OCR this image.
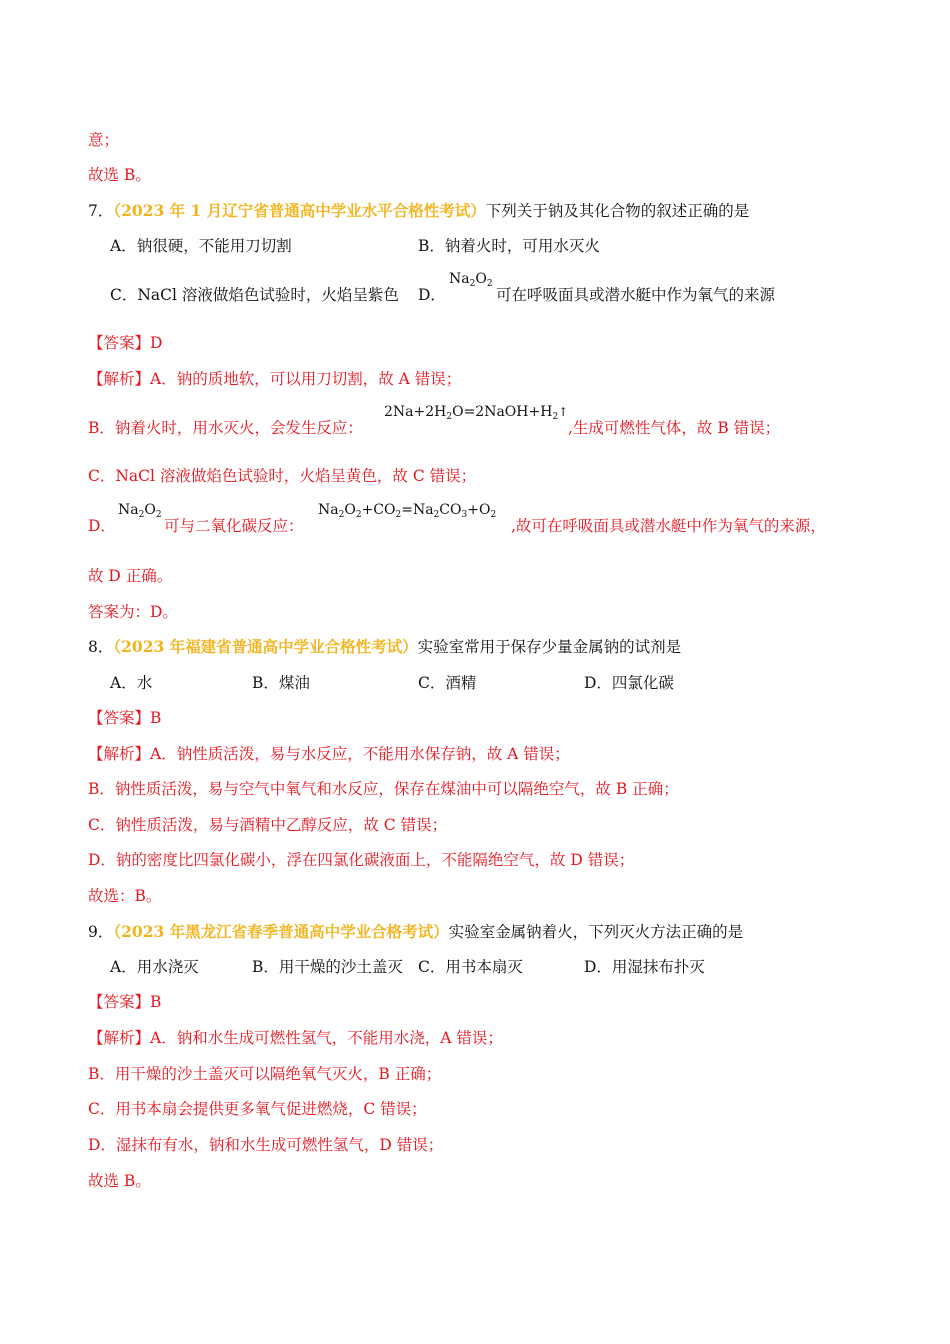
意；
故选 B。
7．（2023 年 1 月辽宁省普通高中学业水平合格性考试）下列关于钠及其化合物的叙述正确的是
A．钠很硬，不能用刀切割	B．钠着火时，可用水灭火
C．NaCl 溶液做焰色试验时，火焰呈紫色 D．
$Na_2O_2$
可在呼吸面具或潜水艇中作为氧气的来源
【答案】D
【解析】A．钠的质地软，可以用刀切割，故 A 错误；
B．钠着火时，用水灭火，会发生反应：
$2Na+2H_2O=2NaOH+H_2↑$
,生成可燃性气体，故 B 错误；
C．NaCl 溶液做焰色试验时，火焰呈黄色，故 C 错误；
D．
$Na_2O_2$
可与二氧化碳反应：
$Na_2O_2+CO_2=Na_2CO_3+O_2$
,故可在呼吸面具或潜水艇中作为氧气的来源，
故 D 正确。
答案为：D。
8．（2023 年福建省普通高中学业合格性考试）实验室常用于保存少量金属钠的试剂是
A．水	B．煤油	C．酒精	D．四氯化碳
【答案】B
【解析】A．钠性质活泼，易与水反应，不能用水保存钠，故 A 错误；
B．钠性质活泼，易与空气中氧气和水反应，保存在煤油中可以隔绝空气，故 B 正确；
C．钠性质活泼，易与酒精中乙醇反应，故 C 错误；
D．钠的密度比四氯化碳小，浮在四氯化碳液面上，不能隔绝空气，故 D 错误；
故选：B。
9．（2023 年黑龙江省春季普通高中学业合格考试）实验室金属钠着火，下列灭火方法正确的是
A．用水浇灭	B．用干燥的沙土盖灭 C．用书本扇灭	D．用湿抹布扑灭
【答案】B
【解析】A．钠和水生成可燃性氢气，不能用水浇，A 错误；
B．用干燥的沙土盖灭可以隔绝氧气灭火，B 正确；
C．用书本扇会提供更多氧气促进燃烧，C 错误；
D．湿抹布有水，钠和水生成可燃性氢气，D 错误；
故选 B。
